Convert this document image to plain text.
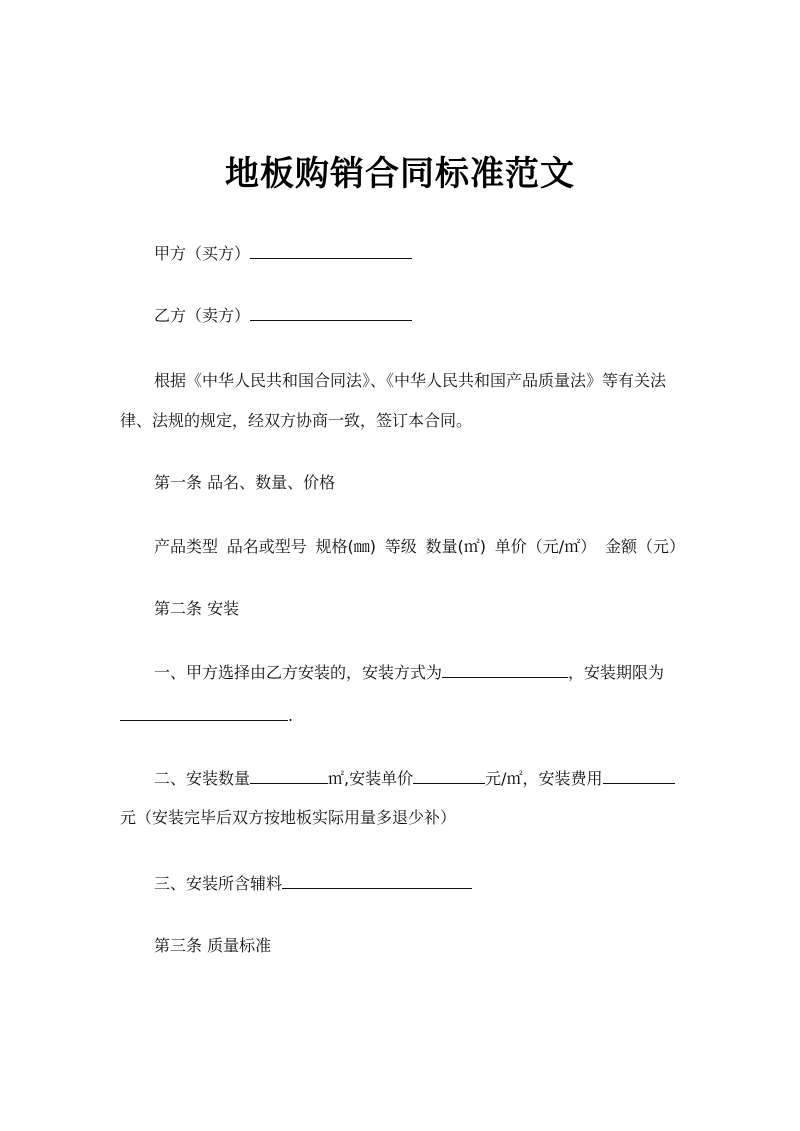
地板购销合同标准范文
甲方（买方）
乙方（卖方）
根据《中华人民共和国合同法》、《中华人民共和国产品质量法》等有关法
律、法规的规定，经双方协商一致，签订本合同。
第一条 品名、数量、价格
产品类型 品名或型号 规格(㎜) 等级 数量(㎡) 单价（元/㎡） 金额（元）
第二条 安装
一、甲方选择由乙方安装的，安装方式为	，安装期限为
.
二、安装数量	㎡,安装单价	元/㎡，安装费用
元（安装完毕后双方按地板实际用量多退少补）
三、安装所含辅料
第三条 质量标准
